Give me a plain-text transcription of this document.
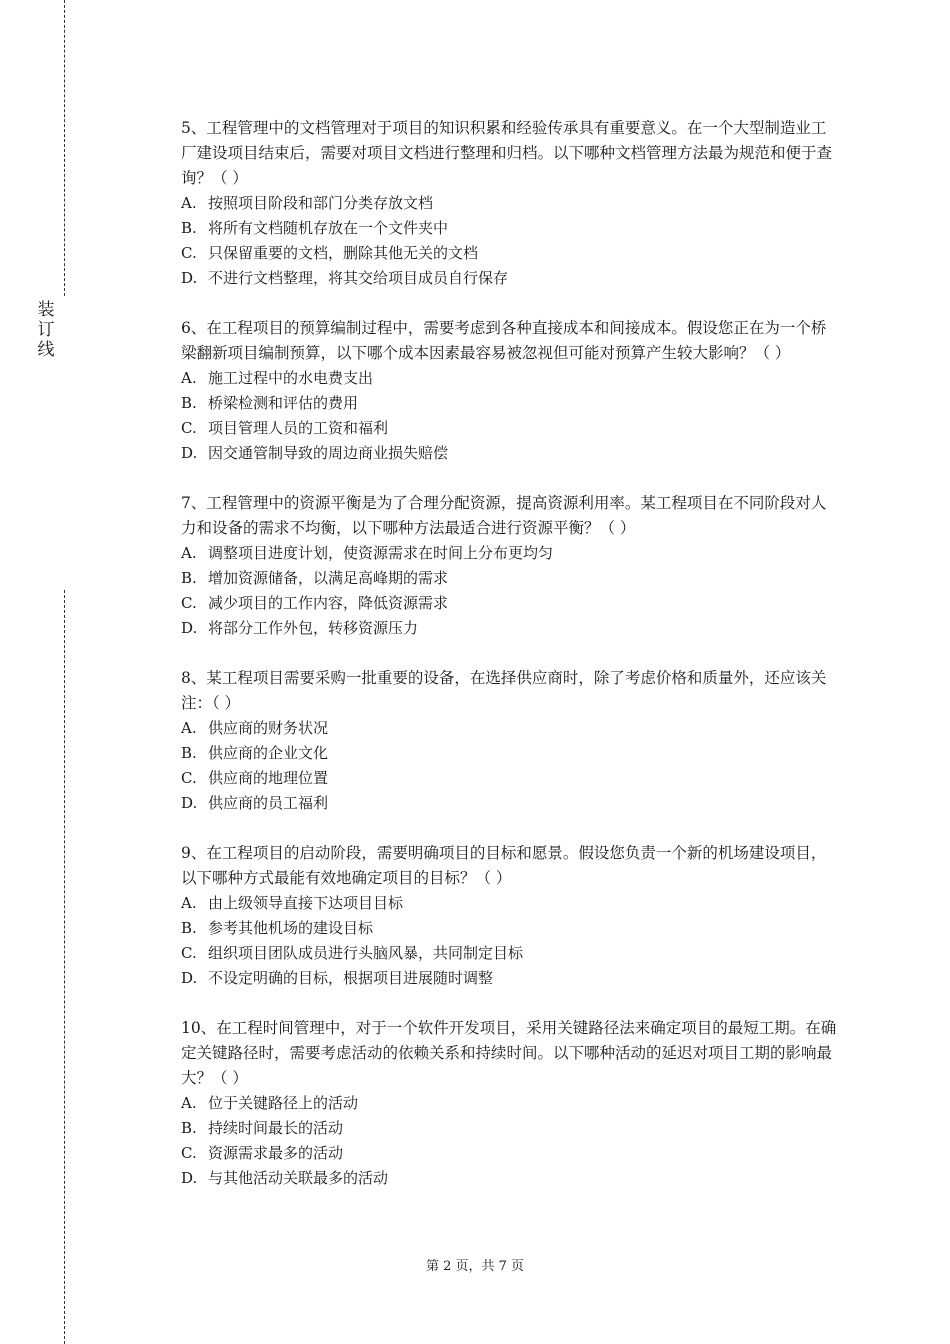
装
订
线

5、工程管理中的文档管理对于项目的知识积累和经验传承具有重要意义。在一个大型制造业工厂建设项目结束后，需要对项目文档进行整理和归档。以下哪种文档管理方法最为规范和便于查询？（ ）

A. 按照项目阶段和部门分类存放文档
B. 将所有文档随机存放在一个文件夹中
C. 只保留重要的文档，删除其他无关的文档
D. 不进行文档整理，将其交给项目成员自行保存

6、在工程项目的预算编制过程中，需要考虑到各种直接成本和间接成本。假设您正在为一个桥梁翻新项目编制预算，以下哪个成本因素最容易被忽视但可能对预算产生较大影响？（ ）

A. 施工过程中的水电费支出
B. 桥梁检测和评估的费用
C. 项目管理人员的工资和福利
D. 因交通管制导致的周边商业损失赔偿

7、工程管理中的资源平衡是为了合理分配资源，提高资源利用率。某工程项目在不同阶段对人力和设备的需求不均衡，以下哪种方法最适合进行资源平衡？（ ）

A. 调整项目进度计划，使资源需求在时间上分布更均匀
B. 增加资源储备，以满足高峰期的需求
C. 减少项目的工作内容，降低资源需求
D. 将部分工作外包，转移资源压力

8、某工程项目需要采购一批重要的设备，在选择供应商时，除了考虑价格和质量外，还应该关注：（ ）

A. 供应商的财务状况
B. 供应商的企业文化
C. 供应商的地理位置
D. 供应商的员工福利

9、在工程项目的启动阶段，需要明确项目的目标和愿景。假设您负责一个新的机场建设项目，以下哪种方式最能有效地确定项目的目标？（ ）

A. 由上级领导直接下达项目目标
B. 参考其他机场的建设目标
C. 组织项目团队成员进行头脑风暴，共同制定目标
D. 不设定明确的目标，根据项目进展随时调整

10、在工程时间管理中，对于一个软件开发项目，采用关键路径法来确定项目的最短工期。在确定关键路径时，需要考虑活动的依赖关系和持续时间。以下哪种活动的延迟对项目工期的影响最大？（ ）

A. 位于关键路径上的活动
B. 持续时间最长的活动
C. 资源需求最多的活动
D. 与其他活动关联最多的活动
第 2 页，共 7 页
